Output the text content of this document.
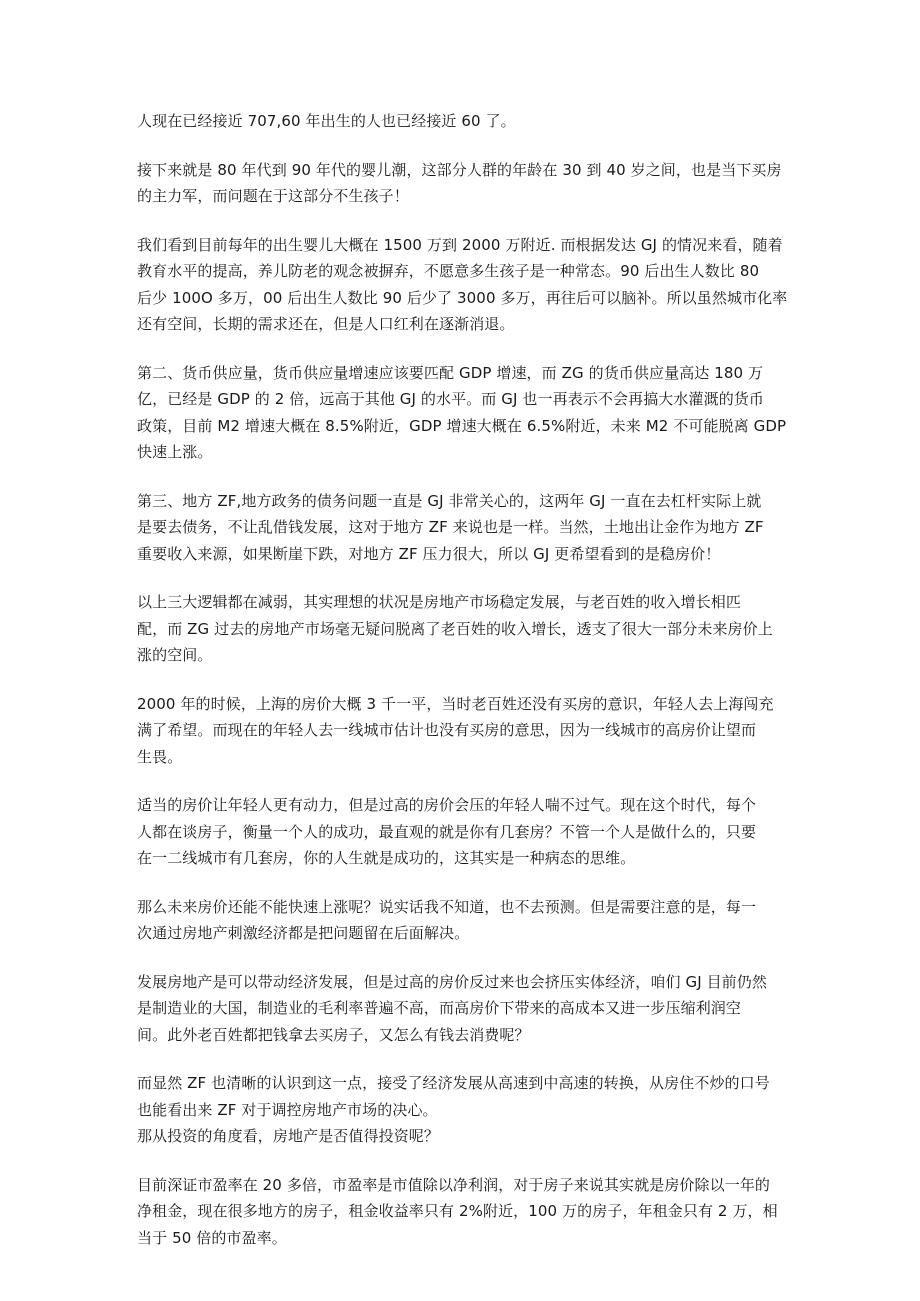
人现在已经接近 707,60 年出生的人也已经接近 60 了。

接下来就是 80 年代到 90 年代的婴儿潮，这部分人群的年龄在 30 到 40 岁之间，也是当下买房
的主力军，而问题在于这部分不生孩子！

我们看到目前每年的出生婴儿大概在 1500 万到 2000 万附近. 而根据发达 GJ 的情况来看，随着
教育水平的提高，养儿防老的观念被摒弃，不愿意多生孩子是一种常态。90 后出生人数比 80
后少 100O 多万，00 后出生人数比 90 后少了 3000 多万，再往后可以脑补。所以虽然城市化率
还有空间，长期的需求还在，但是人口红利在逐渐消退。

第二、货币供应量，货币供应量增速应该要匹配 GDP 增速，而 ZG 的货币供应量高达 180 万
亿，已经是 GDP 的 2 倍，远高于其他 GJ 的水平。而 GJ 也一再表示不会再搞大水灌溉的货币
政策，目前 M2 增速大概在 8.5%附近，GDP 增速大概在 6.5%附近，未来 M2 不可能脱离 GDP
快速上涨。

第三、地方 ZF,地方政务的债务问题一直是 GJ 非常关心的，这两年 GJ 一直在去杠杆实际上就
是要去债务，不让乱借钱发展，这对于地方 ZF 来说也是一样。当然，土地出让金作为地方 ZF
重要收入来源，如果断崖下跌，对地方 ZF 压力很大，所以 GJ 更希望看到的是稳房价！

以上三大逻辑都在减弱，其实理想的状况是房地产市场稳定发展，与老百姓的收入增长相匹
配，而 ZG 过去的房地产市场毫无疑问脱离了老百姓的收入增长，透支了很大一部分未来房价上
涨的空间。

2000 年的时候，上海的房价大概 3 千一平，当时老百姓还没有买房的意识，年轻人去上海闯充
满了希望。而现在的年轻人去一线城市估计也没有买房的意思，因为一线城市的高房价让望而
生畏。

适当的房价让年轻人更有动力，但是过高的房价会压的年轻人喘不过气。现在这个时代，每个
人都在谈房子，衡量一个人的成功，最直观的就是你有几套房？不管一个人是做什么的，只要
在一二线城市有几套房，你的人生就是成功的，这其实是一种病态的思维。

那么未来房价还能不能快速上涨呢？说实话我不知道，也不去预测。但是需要注意的是，每一
次通过房地产刺激经济都是把问题留在后面解决。

发展房地产是可以带动经济发展，但是过高的房价反过来也会挤压实体经济，咱们 GJ 目前仍然
是制造业的大国，制造业的毛利率普遍不高，而高房价下带来的高成本又进一步压缩利润空
间。此外老百姓都把钱拿去买房子，又怎么有钱去消费呢？

而显然 ZF 也清晰的认识到这一点，接受了经济发展从高速到中高速的转换，从房住不炒的口号
也能看出来 ZF 对于调控房地产市场的决心。
那从投资的角度看，房地产是否值得投资呢？

目前深证市盈率在 20 多倍，市盈率是市值除以净利润，对于房子来说其实就是房价除以一年的
净租金，现在很多地方的房子，租金收益率只有 2%附近，100 万的房子，年租金只有 2 万，相
当于 50 倍的市盈率。
